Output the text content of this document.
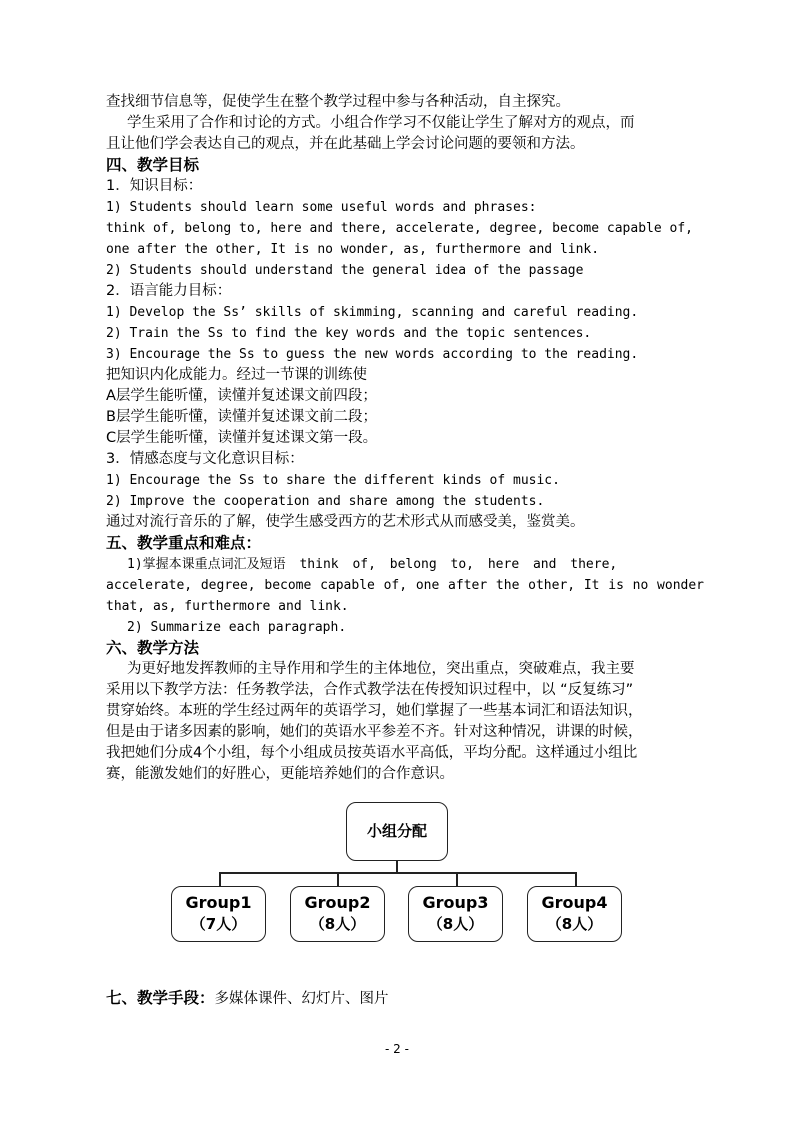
查找细节信息等，促使学生在整个教学过程中参与各种活动，自主探究。
学生采用了合作和讨论的方式。小组合作学习不仅能让学生了解对方的观点，而
且让他们学会表达自己的观点，并在此基础上学会讨论问题的要领和方法。
四、教学目标
1．知识目标：
1) Students should learn some useful words and phrases:
think of, belong to, here and there, accelerate, degree, become capable of,
one after the other, It is no wonder, as, furthermore and link.
2) Students should understand the general idea of the passage
2．语言能力目标：
1) Develop the Ss’ skills of skimming, scanning and careful reading.
2) Train the Ss to find the key words and the topic sentences.
3) Encourage the Ss to guess the new words according to the reading.
把知识内化成能力。经过一节课的训练使
A层学生能听懂，读懂并复述课文前四段；
B层学生能听懂，读懂并复述课文前二段；
C层学生能听懂，读懂并复述课文第一段。
3．情感态度与文化意识目标：
1) Encourage the Ss to share the different kinds of music.
2) Improve the cooperation and share among the students.
通过对流行音乐的了解，使学生感受西方的艺术形式从而感受美，鉴赏美。
五、教学重点和难点：
1)掌握本课重点词汇及短语 think of, belong to, here and there,
accelerate, degree, become capable of, one after the other, It is no wonder
that, as, furthermore and link.
2) Summarize each paragraph.
六、教学方法
为更好地发挥教师的主导作用和学生的主体地位，突出重点，突破难点，我主要
采用以下教学方法：任务教学法，合作式教学法在传授知识过程中，以 “反复练习”
贯穿始终。本班的学生经过两年的英语学习，她们掌握了一些基本词汇和语法知识，
但是由于诸多因素的影响，她们的英语水平参差不齐。针对这种情况，讲课的时候，
我把她们分成4个小组，每个小组成员按英语水平高低，平均分配。这样通过小组比
赛，能激发她们的好胜心，更能培养她们的合作意识。
小组分配
Group1
（7人）
Group2
（8人）
Group3
（8人）
Group4
（8人）
七、教学手段：多媒体课件、幻灯片、图片
- 2 -
